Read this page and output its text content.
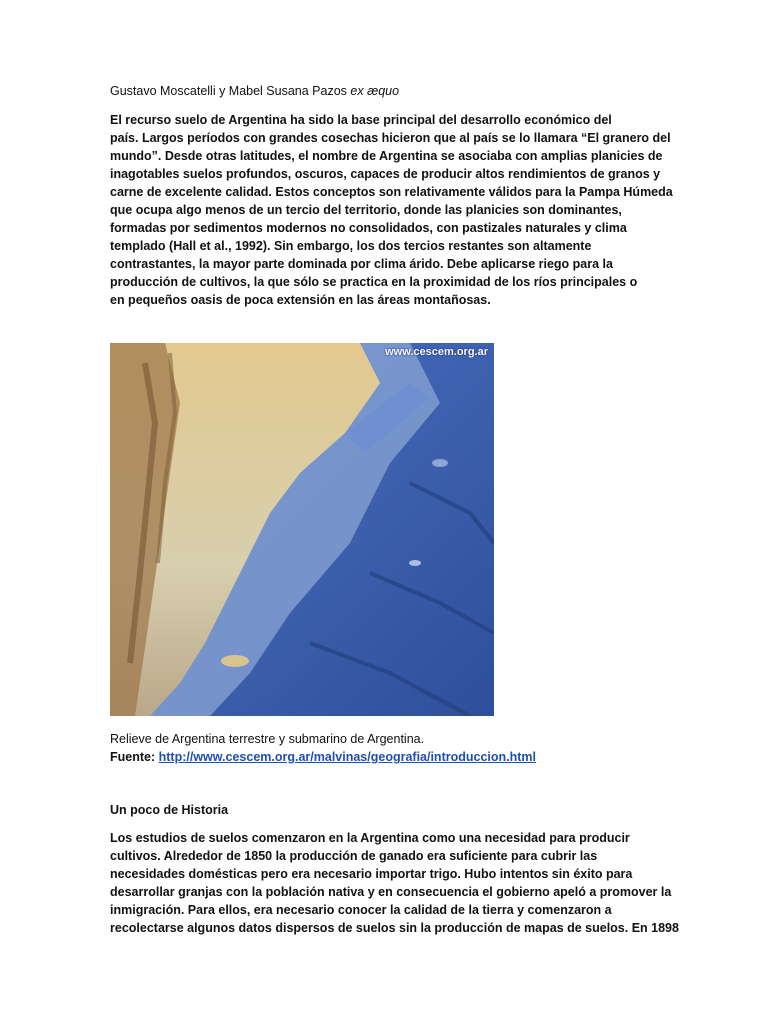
Gustavo Moscatelli y Mabel Susana Pazos ex æquo
El recurso suelo de Argentina ha sido la base principal del desarrollo económico del
país. Largos períodos con grandes cosechas hicieron que al país se lo llamara “El granero del
mundo”. Desde otras latitudes, el nombre de Argentina se asociaba con amplias planicies de
inagotables suelos profundos, oscuros, capaces de producir altos rendimientos de granos y
carne de excelente calidad. Estos conceptos son relativamente válidos para la Pampa Húmeda
que ocupa algo menos de un tercio del territorio, donde las planicies son dominantes,
formadas por sedimentos modernos no consolidados, con pastizales naturales y clima
templado (Hall et al., 1992). Sin embargo, los dos tercios restantes son altamente
contrastantes, la mayor parte dominada por clima árido. Debe aplicarse riego para la
producción de cultivos, la que sólo se practica en la proximidad de los ríos principales o
en pequeños oasis de poca extensión en las áreas montañosas.
www.cescem.org.ar
Relieve de Argentina terrestre y submarino de Argentina.
Fuente: http://www.cescem.org.ar/malvinas/geografia/introduccion.html
Un poco de Historia
Los estudios de suelos comenzaron en la Argentina como una necesidad para producir
cultivos. Alrededor de 1850 la producción de ganado era suficiente para cubrir las
necesidades domésticas pero era necesario importar trigo. Hubo intentos sin éxito para
desarrollar granjas con la población nativa y en consecuencia el gobierno apeló a promover la
inmigración. Para ellos, era necesario conocer la calidad de la tierra y comenzaron a
recolectarse algunos datos dispersos de suelos sin la producción de mapas de suelos. En 1898
